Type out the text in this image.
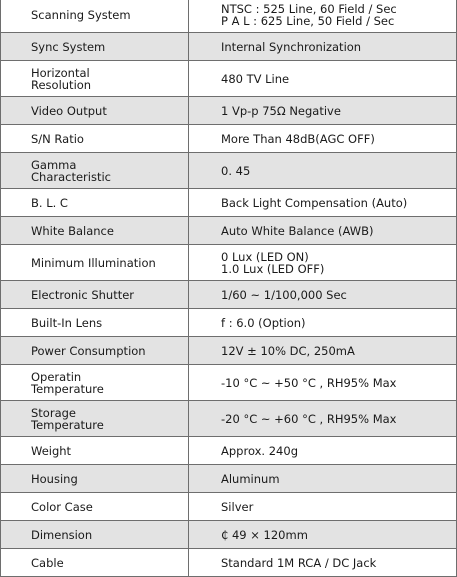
Scanning System	NTSC : 525 Line, 60 Field / Sec
P A L : 625 Line, 50 Field / Sec

Sync System	Internal Synchronization

Horizontal
Resolution	480 TV Line

Video Output	1 Vp-p 75Ω Negative

S/N Ratio	More Than 48dB(AGC OFF)

Gamma
Characteristic	0. 45

B. L. C	Back Light Compensation (Auto)

White Balance	Auto White Balance (AWB)

Minimum Illumination	0 Lux (LED ON)
1.0 Lux (LED OFF)

Electronic Shutter	1/60 ~ 1/100,000 Sec

Built-In Lens	f : 6.0 (Option)

Power Consumption	12V ± 10% DC, 250mA

Operatin
Temperature	-10 °C ~ +50 °C , RH95% Max

Storage
Temperature	-20 °C ~ +60 °C , RH95% Max

Weight	Approx. 240g

Housing	Aluminum

Color Case	Silver

Dimension	₵ 49 × 120mm

Cable	Standard 1M RCA / DC Jack
